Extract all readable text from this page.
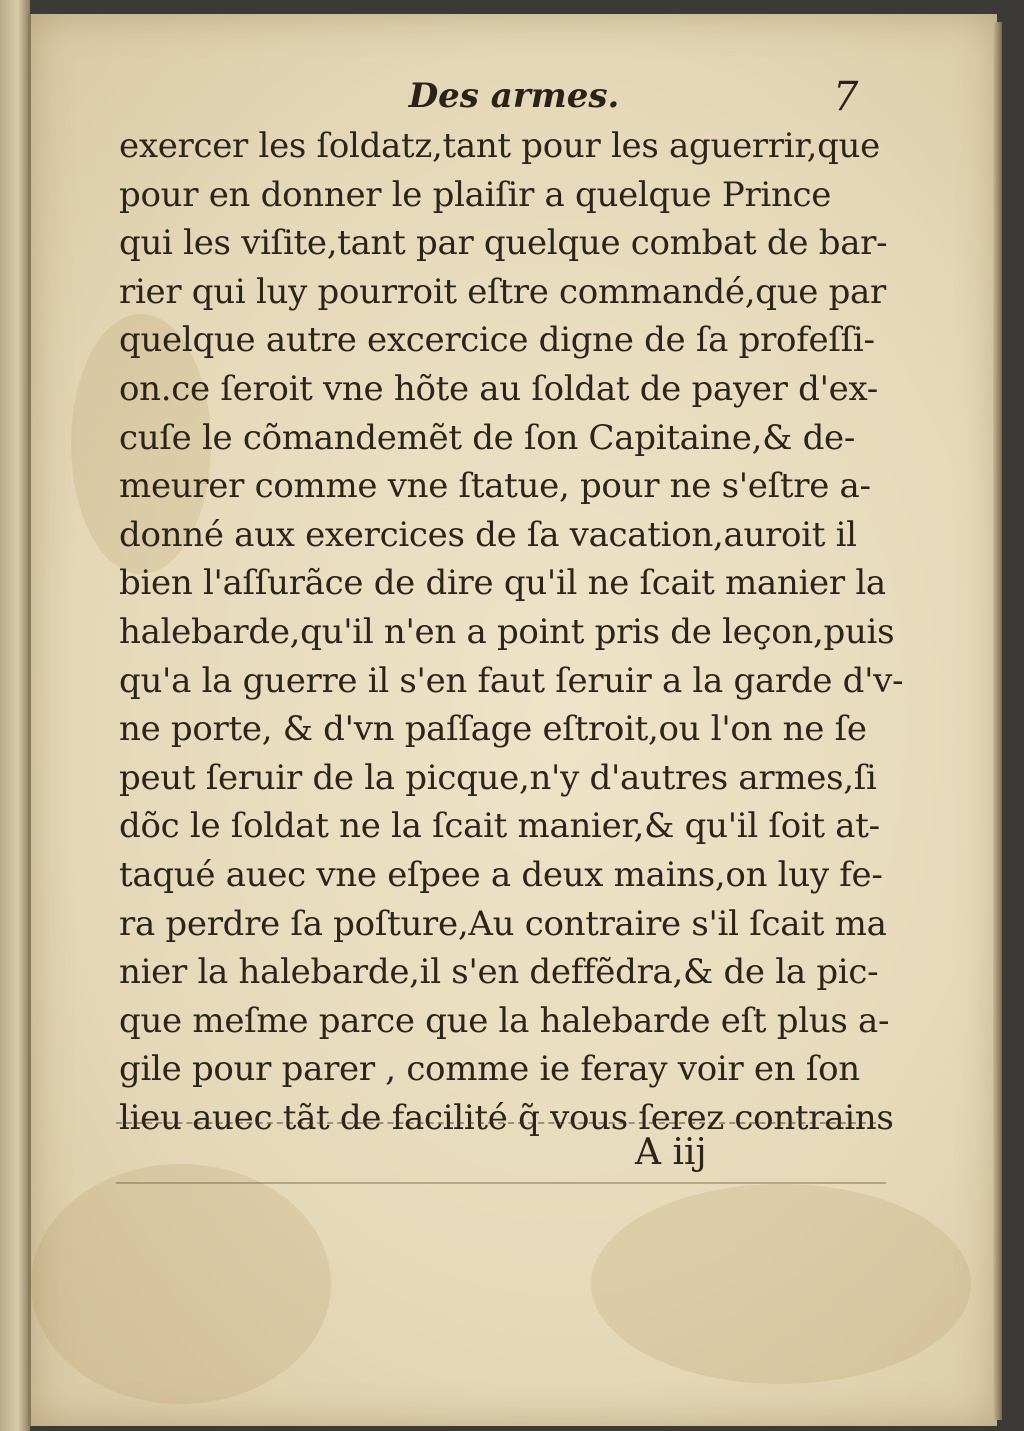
Des armes.	7
exercer les ſoldatz,tant pour les aguerrir,que
pour en donner le plaiſir a quelque Prince
qui les viſite,tant par quelque combat de bar-
rier qui luy pourroit eſtre commandé,que par
quelque autre excercice digne de ſa profeſſi-
on.ce ſeroit vne hõte au ſoldat de payer d'ex-
cuſe le cõmandemẽt de ſon Capitaine,& de-
meurer comme vne ſtatue, pour ne s'eſtre a-
donné aux exercices de ſa vacation,auroit il
bien l'aſſurãce de dire qu'il ne ſcait manier la
halebarde,qu'il n'en a point pris de leçon,puis
qu'a la guerre il s'en faut ſeruir a la garde d'v-
ne porte, & d'vn paſſage eſtroit,ou l'on ne ſe
peut ſeruir de la picque,n'y d'autres armes,ſi
dõc le ſoldat ne la ſcait manier,& qu'il ſoit at-
taqué auec vne eſpee a deux mains,on luy fe-
ra perdre ſa poſture,Au contraire s'il ſcait ma
nier la halebarde,il s'en deffẽdra,& de la pic-
que meſme parce que la halebarde eſt plus a-
gile pour parer , comme ie feray voir en ſon
lieu auec tãt de facilité q̃ vous ſerez contrains
A iij
